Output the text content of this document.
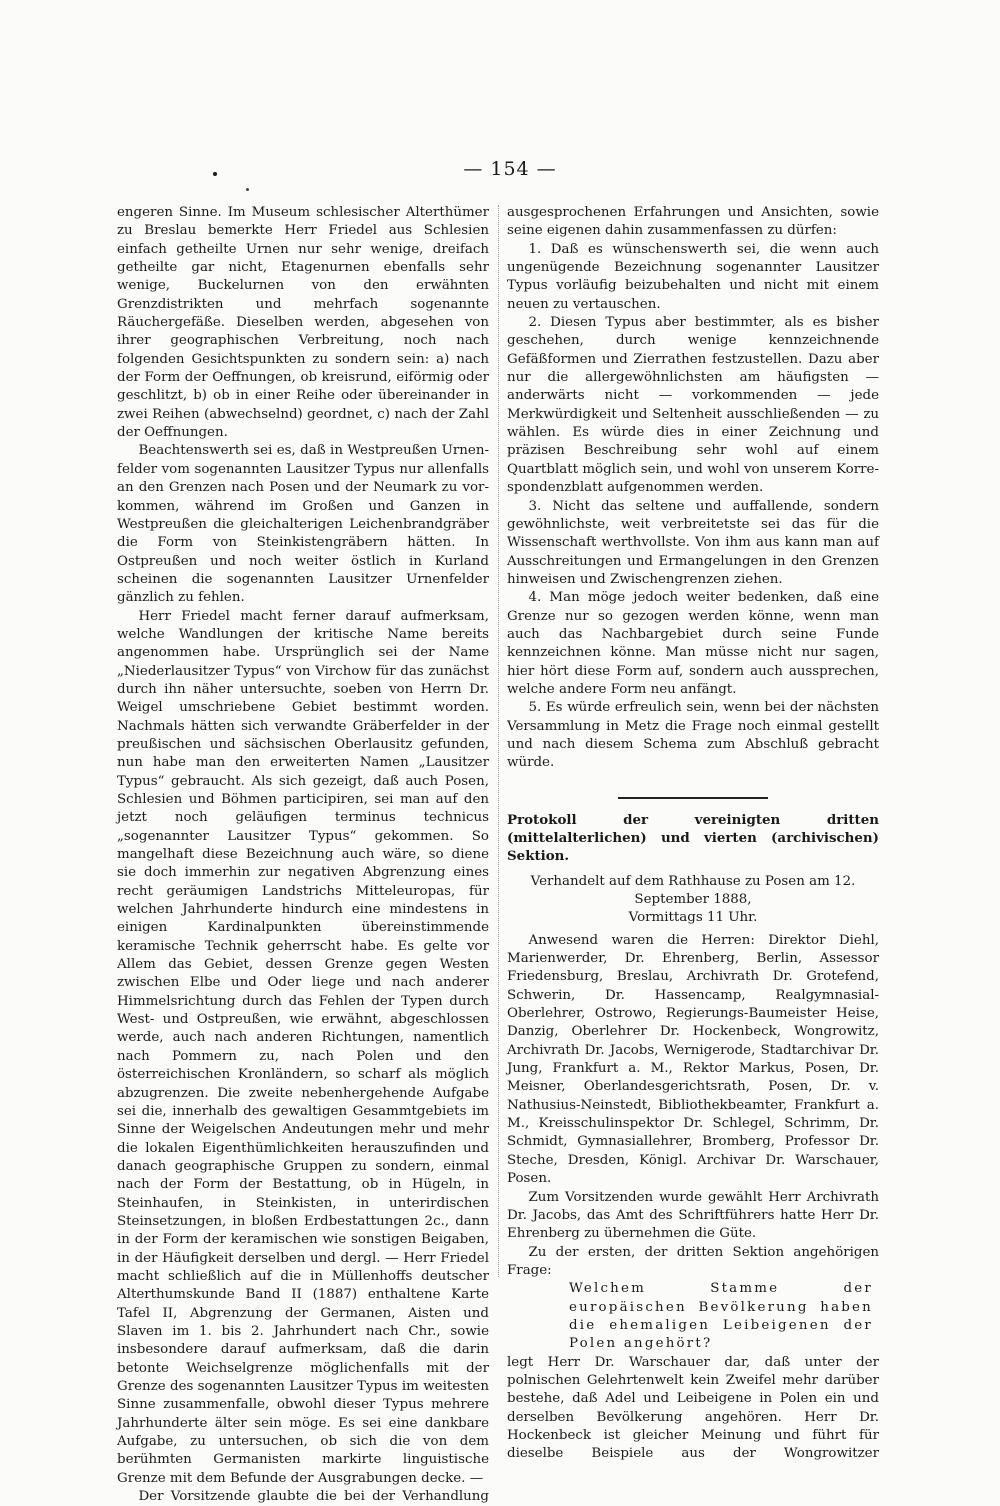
— 154 —

engeren Sinne. Im Museum schlesischer Alterthümer zu Breslau bemerkte Herr Friedel aus Schlesien einfach getheilte Urnen nur sehr wenige, dreifach getheilte gar nicht, Etagenurnen ebenfalls sehr wenige, Buckelurnen von den erwähnten Grenzdistrikten und mehrfach sogenannte Räuchergefäße. Dieselben werden, abgesehen von ihrer geographischen Verbreitung, noch nach folgenden Gesichtspunkten zu sondern sein: a) nach der Form der Oeffnungen, ob kreisrund, eiförmig oder geschlitzt, b) ob in einer Reihe oder übereinander in zwei Reihen (abwechselnd) geordnet, c) nach der Zahl der Oeffnungen.

Beachtenswerth sei es, daß in Westpreußen Urnenfelder vom sogenannten Lausitzer Typus nur allenfalls an den Grenzen nach Posen und der Neumark zu vorkommen, während im Großen und Ganzen in Westpreußen die gleichalterigen Leichenbrandgräber die Form von Steinkistengräbern hätten. In Ostpreußen und noch weiter östlich in Kurland scheinen die sogenannten Lausitzer Urnenfelder gänzlich zu fehlen.

Herr Friedel macht ferner darauf aufmerksam, welche Wandlungen der kritische Name bereits angenommen habe. Ursprünglich sei der Name „Niederlausitzer Typus“ von Virchow für das zunächst durch ihn näher untersuchte, soeben von Herrn Dr. Weigel umschriebene Gebiet bestimmt worden. Nachmals hätten sich verwandte Gräberfelder in der preußischen und sächsischen Oberlausitz gefunden, nun habe man den erweiterten Namen „Lausitzer Typus“ gebraucht. Als sich gezeigt, daß auch Posen, Schlesien und Böhmen participiren, sei man auf den jetzt noch geläufigen terminus technicus „sogenannter Lausitzer Typus“ gekommen. So mangelhaft diese Bezeichnung auch wäre, so diene sie doch immerhin zur negativen Abgrenzung eines recht geräumigen Landstrichs Mitteleuropas, für welchen Jahrhunderte hindurch eine mindestens in einigen Kardinalpunkten übereinstimmende keramische Technik geherrscht habe. Es gelte vor Allem das Gebiet, dessen Grenze gegen Westen zwischen Elbe und Oder liege und nach anderer Himmelsrichtung durch das Fehlen der Typen durch West- und Ostpreußen, wie erwähnt, abgeschlossen werde, auch nach anderen Richtungen, namentlich nach Pommern zu, nach Polen und den österreichischen Kronländern, so scharf als möglich abzugrenzen. Die zweite nebenhergehende Aufgabe sei die, innerhalb des gewaltigen Gesammtgebiets im Sinne der Weigelschen Andeutungen mehr und mehr die lokalen Eigenthümlichkeiten herauszufinden und danach geographische Gruppen zu sondern, einmal nach der Form der Bestattung, ob in Hügeln, in Steinhaufen, in Steinkisten, in unterirdischen Steinsetzungen, in bloßen Erdbestattungen 2c., dann in der Form der keramischen wie sonstigen Beigaben, in der Häufigkeit derselben und dergl. — Herr Friedel macht schließlich auf die in Müllenhoffs deutscher Alterthumskunde Band II (1887) enthaltene Karte Tafel II, Abgrenzung der Germanen, Aisten und Slaven im 1. bis 2. Jahrhundert nach Chr., sowie insbesondere darauf aufmerksam, daß die darin betonte Weichselgrenze möglichenfalls mit der Grenze des sogenannten Lausitzer Typus im weitesten Sinne zusammenfalle, obwohl dieser Typus mehrere Jahrhunderte älter sein möge. Es sei eine dankbare Aufgabe, zu untersuchen, ob sich die von dem berühmten Germanisten markirte linguistische Grenze mit dem Befunde der Ausgrabungen decke. —

Der Vorsitzende glaubte die bei der Verhandlung

ausgesprochenen Erfahrungen und Ansichten, sowie seine eigenen dahin zusammenfassen zu dürfen:

1. Daß es wünschenswerth sei, die wenn auch ungenügende Bezeichnung sogenannter Lausitzer Typus vorläufig beizubehalten und nicht mit einem neuen zu vertauschen.

2. Diesen Typus aber bestimmter, als es bisher geschehen, durch wenige kennzeichnende Gefäßformen und Zierrathen festzustellen. Dazu aber nur die allergewöhnlichsten am häufigsten — anderwärts nicht — vorkommenden — jede Merkwürdigkeit und Seltenheit ausschließenden — zu wählen. Es würde dies in einer Zeichnung und präzisen Beschreibung sehr wohl auf einem Quartblatt möglich sein, und wohl von unserem Korrespondenzblatt aufgenommen werden.

3. Nicht das seltene und auffallende, sondern gewöhnlichste, weit verbreitetste sei das für die Wissenschaft werthvollste. Von ihm aus kann man auf Ausschreitungen und Ermangelungen in den Grenzen hinweisen und Zwischengrenzen ziehen.

4. Man möge jedoch weiter bedenken, daß eine Grenze nur so gezogen werden könne, wenn man auch das Nachbargebiet durch seine Funde kennzeichnen könne. Man müsse nicht nur sagen, hier hört diese Form auf, sondern auch aussprechen, welche andere Form neu anfängt.

5. Es würde erfreulich sein, wenn bei der nächsten Versammlung in Metz die Frage noch einmal gestellt und nach diesem Schema zum Abschluß gebracht würde.

Protokoll der vereinigten dritten (mittelalterlichen) und vierten (archivischen) Sektion.

Verhandelt auf dem Rathhause zu Posen am 12. September 1888,
Vormittags 11 Uhr.

Anwesend waren die Herren: Direktor Diehl, Marienwerder, Dr. Ehrenberg, Berlin, Assessor Friedensburg, Breslau, Archivrath Dr. Grotefend, Schwerin, Dr. Hassencamp, Realgymnasial-Oberlehrer, Ostrowo, Regierungs-Baumeister Heise, Danzig, Oberlehrer Dr. Hockenbeck, Wongrowitz, Archivrath Dr. Jacobs, Wernigerode, Stadtarchivar Dr. Jung, Frankfurt a. M., Rektor Markus, Posen, Dr. Meisner, Oberlandesgerichtsrath, Posen, Dr. v. Nathusius-Neinstedt, Bibliothekbeamter, Frankfurt a. M., Kreisschulinspektor Dr. Schlegel, Schrimm, Dr. Schmidt, Gymnasiallehrer, Bromberg, Professor Dr. Steche, Dresden, Königl. Archivar Dr. Warschauer, Posen.

Zum Vorsitzenden wurde gewählt Herr Archivrath Dr. Jacobs, das Amt des Schriftführers hatte Herr Dr. Ehrenberg zu übernehmen die Güte.

Zu der ersten, der dritten Sektion angehörigen Frage:

Welchem Stamme der europäischen Bevölkerung haben die ehemaligen Leibeigenen der Polen angehört?

legt Herr Dr. Warschauer dar, daß unter der polnischen Gelehrtenwelt kein Zweifel mehr darüber bestehe, daß Adel und Leibeigene in Polen ein und derselben Bevölkerung angehören. Herr Dr. Hockenbeck ist gleicher Meinung und führt für dieselbe Beispiele aus der Wongrowitzer
